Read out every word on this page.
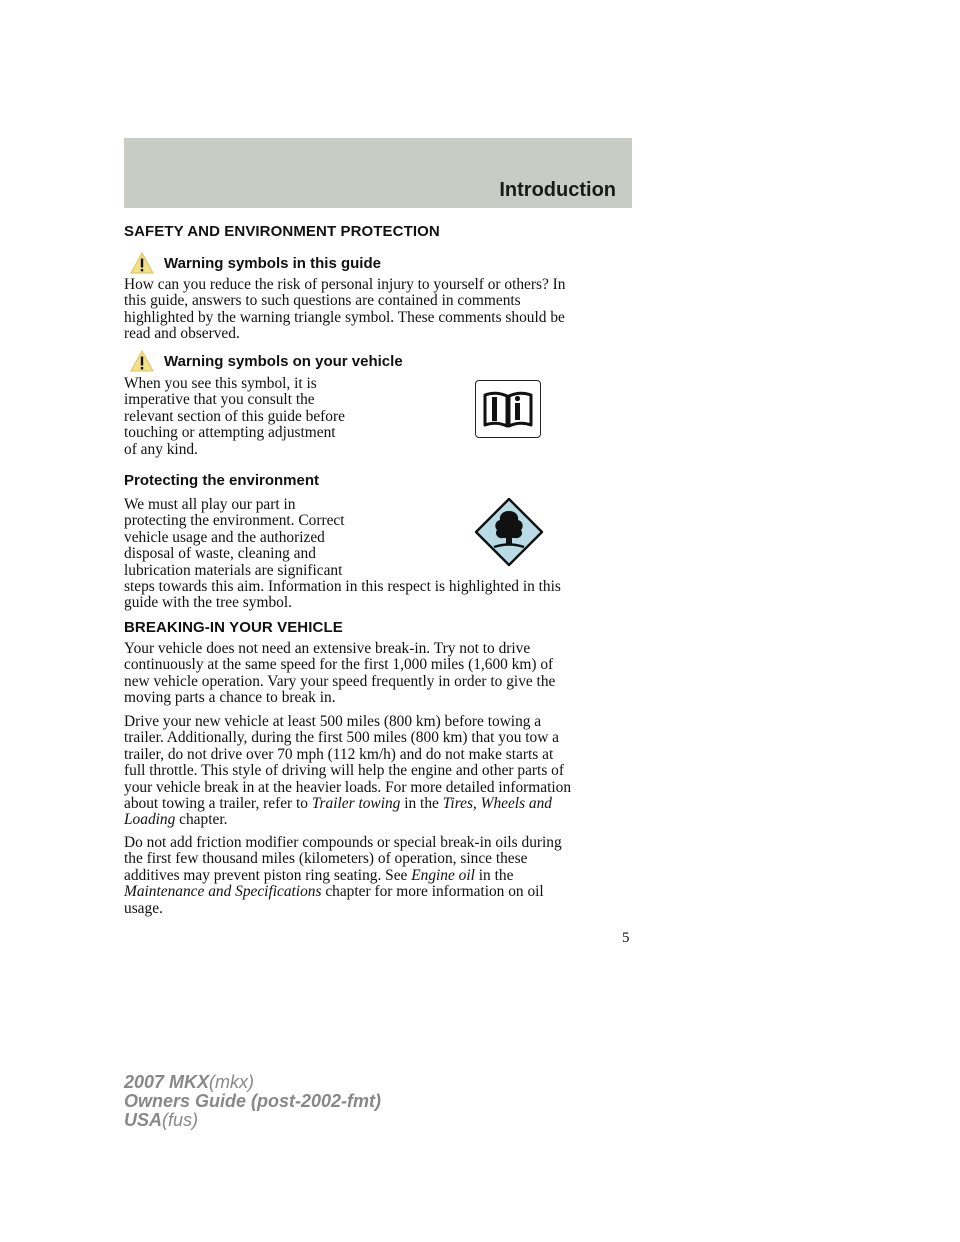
Introduction
SAFETY AND ENVIRONMENT PROTECTION
Warning symbols in this guide

How can you reduce the risk of personal injury to yourself or others? In

this guide, answers to such questions are contained in comments

highlighted by the warning triangle symbol. These comments should be

read and observed.

Warning symbols on your vehicle

When you see this symbol, it is

imperative that you consult the

relevant section of this guide before

touching or attempting adjustment

of any kind.

Protecting the environment

We must all play our part in

protecting the environment. Correct

vehicle usage and the authorized

disposal of waste, cleaning and

lubrication materials are significant

steps towards this aim. Information in this respect is highlighted in this

guide with the tree symbol.

BREAKING-IN YOUR VEHICLE

Your vehicle does not need an extensive break-in. Try not to drive

continuously at the same speed for the first 1,000 miles (1,600 km) of

new vehicle operation. Vary your speed frequently in order to give the

moving parts a chance to break in.

Drive your new vehicle at least 500 miles (800 km) before towing a

trailer. Additionally, during the first 500 miles (800 km) that you tow a

trailer, do not drive over 70 mph (112 km/h) and do not make starts at

full throttle. This style of driving will help the engine and other parts of

your vehicle break in at the heavier loads. For more detailed information

about towing a trailer, refer to Trailer towing in the Tires, Wheels and

Loading chapter.

Do not add friction modifier compounds or special break-in oils during

the first few thousand miles (kilometers) of operation, since these

additives may prevent piston ring seating. See Engine oil in the

Maintenance and Specifications chapter for more information on oil

usage.

5
2007 MKX(mkx)
Owners Guide (post-2002-fmt)
USA(fus)
